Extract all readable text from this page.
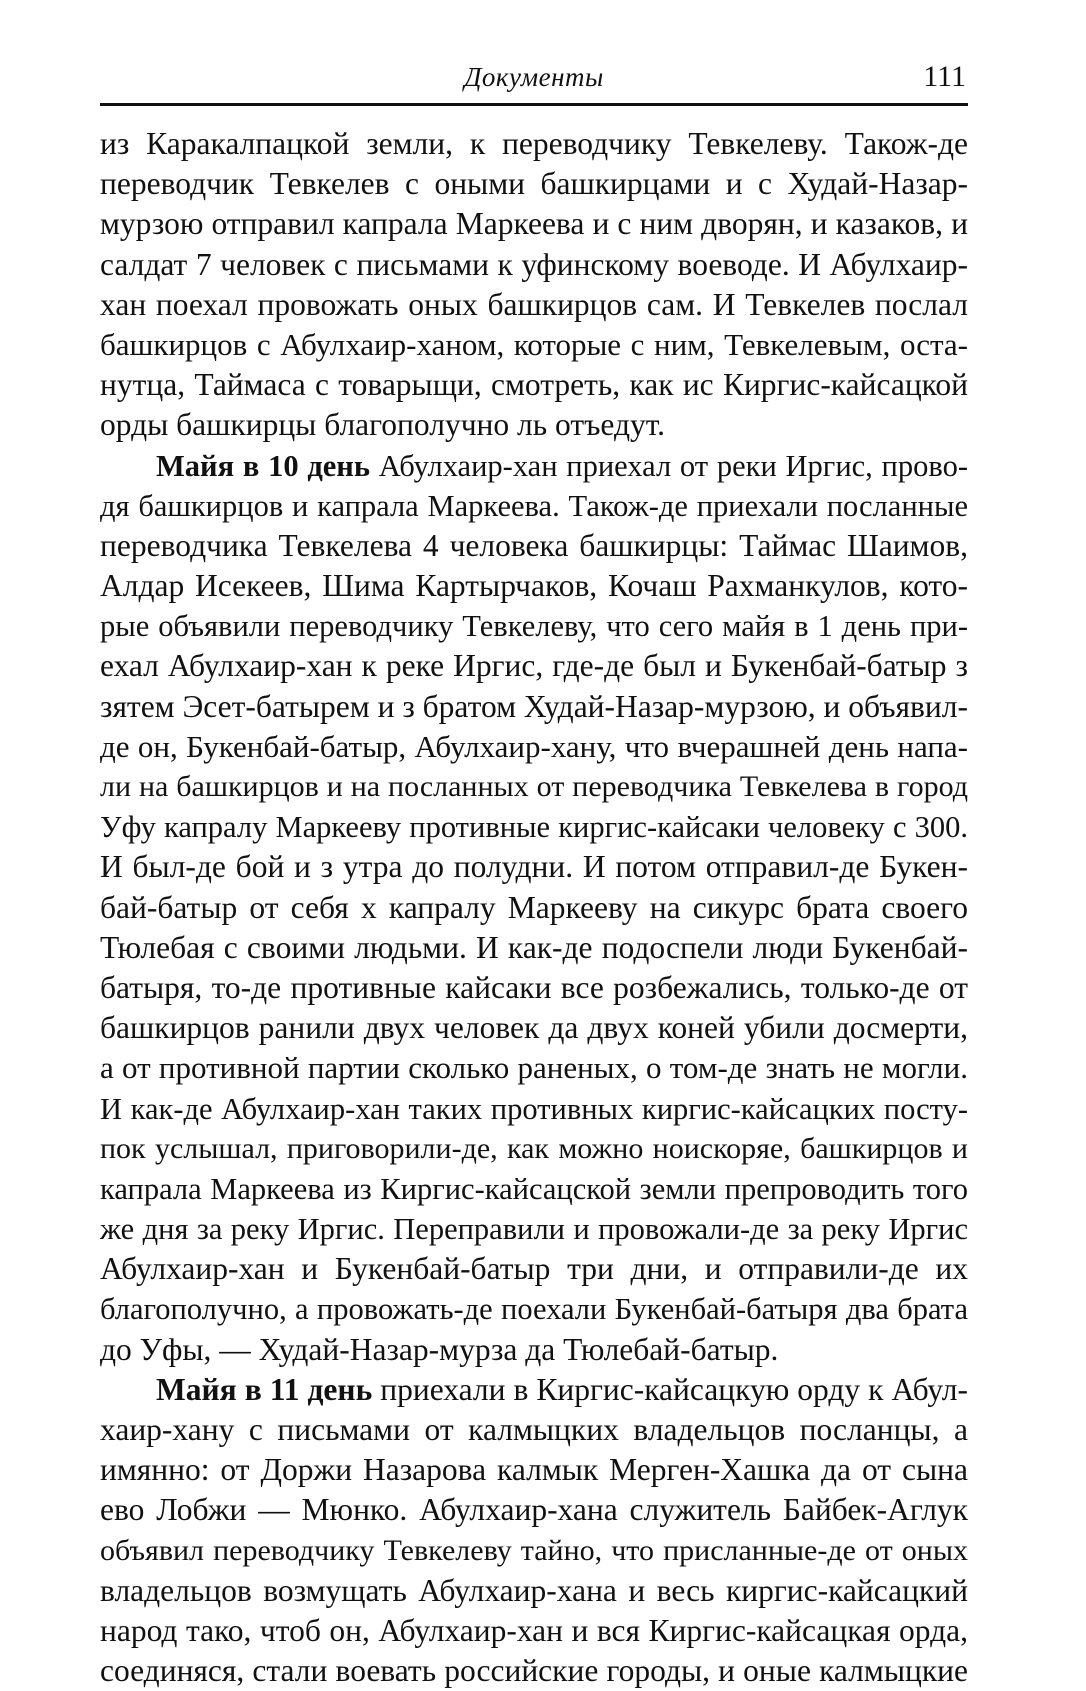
Документы	111
из Каракалпацкой земли, к переводчику Тевкелеву. Також-де
переводчик Тевкелев с оными башкирцами и с Худай-Назар-
мурзою отправил капрала Маркеева и с ним дворян, и казаков, и
салдат 7 человек с письмами к уфинскому воеводе. И Абулхаир-
хан поехал провожать оных башкирцов сам. И Тевкелев послал
башкирцов с Абулхаир-ханом, которые с ним, Тевкелевым, оста-
нутца, Таймаса с товарыщи, смотреть, как ис Киргис-кайсацкой
орды башкирцы благополучно ль отъедут.
Майя в 10 день Абулхаир-хан приехал от реки Иргис, прово-
дя башкирцов и капрала Маркеева. Також-де приехали посланные
переводчика Тевкелева 4 человека башкирцы: Таймас Шаимов,
Алдар Исекеев, Шима Картырчаков, Кочаш Рахманкулов, кото-
рые объявили переводчику Тевкелеву, что сего майя в 1 день при-
ехал Абулхаир-хан к реке Иргис, где-де был и Букенбай-батыр з
зятем Эсет-батырем и з братом Худай-Назар-мурзою, и объявил-
де он, Букенбай-батыр, Абулхаир-хану, что вчерашней день напа-
ли на башкирцов и на посланных от переводчика Тевкелева в город
Уфу капралу Маркееву противные киргис-кайсаки человеку с 300.
И был-де бой и з утра до полудни. И потом отправил-де Букен-
бай-батыр от себя х капралу Маркееву на сикурс брата своего
Тюлебая с своими людьми. И как-де подоспели люди Букенбай-
батыря, то-де противные кайсаки все розбежались, только-де от
башкирцов ранили двух человек да двух коней убили досмерти,
а от противной партии сколько раненых, о том-де знать не могли.
И как-де Абулхаир-хан таких противных киргис-кайсацких посту-
пок услышал, приговорили-де, как можно ноискоряе, башкирцов и
капрала Маркеева из Киргис-кайсацской земли препроводить того
же дня за реку Иргис. Переправили и провожали-де за реку Иргис
Абулхаир-хан и Букенбай-батыр три дни, и отправили-де их
благополучно, а провожать-де поехали Букенбай-батыря два брата
до Уфы, — Худай-Назар-мурза да Тюлебай-батыр.
Майя в 11 день приехали в Киргис-кайсацкую орду к Абул-
хаир-хану с письмами от калмыцких владельцов посланцы, а
имянно: от Доржи Назарова калмык Мерген-Хашка да от сына
ево Лобжи — Мюнко. Абулхаир-хана служитель Байбек-Аглук
объявил переводчику Тевкелеву тайно, что присланные-де от оных
владельцов возмущать Абулхаир-хана и весь киргис-кайсацкий
народ тако, чтоб он, Абулхаир-хан и вся Киргис-кайсацкая орда,
соединяся, стали воевать российские городы, и оные калмыцкие
